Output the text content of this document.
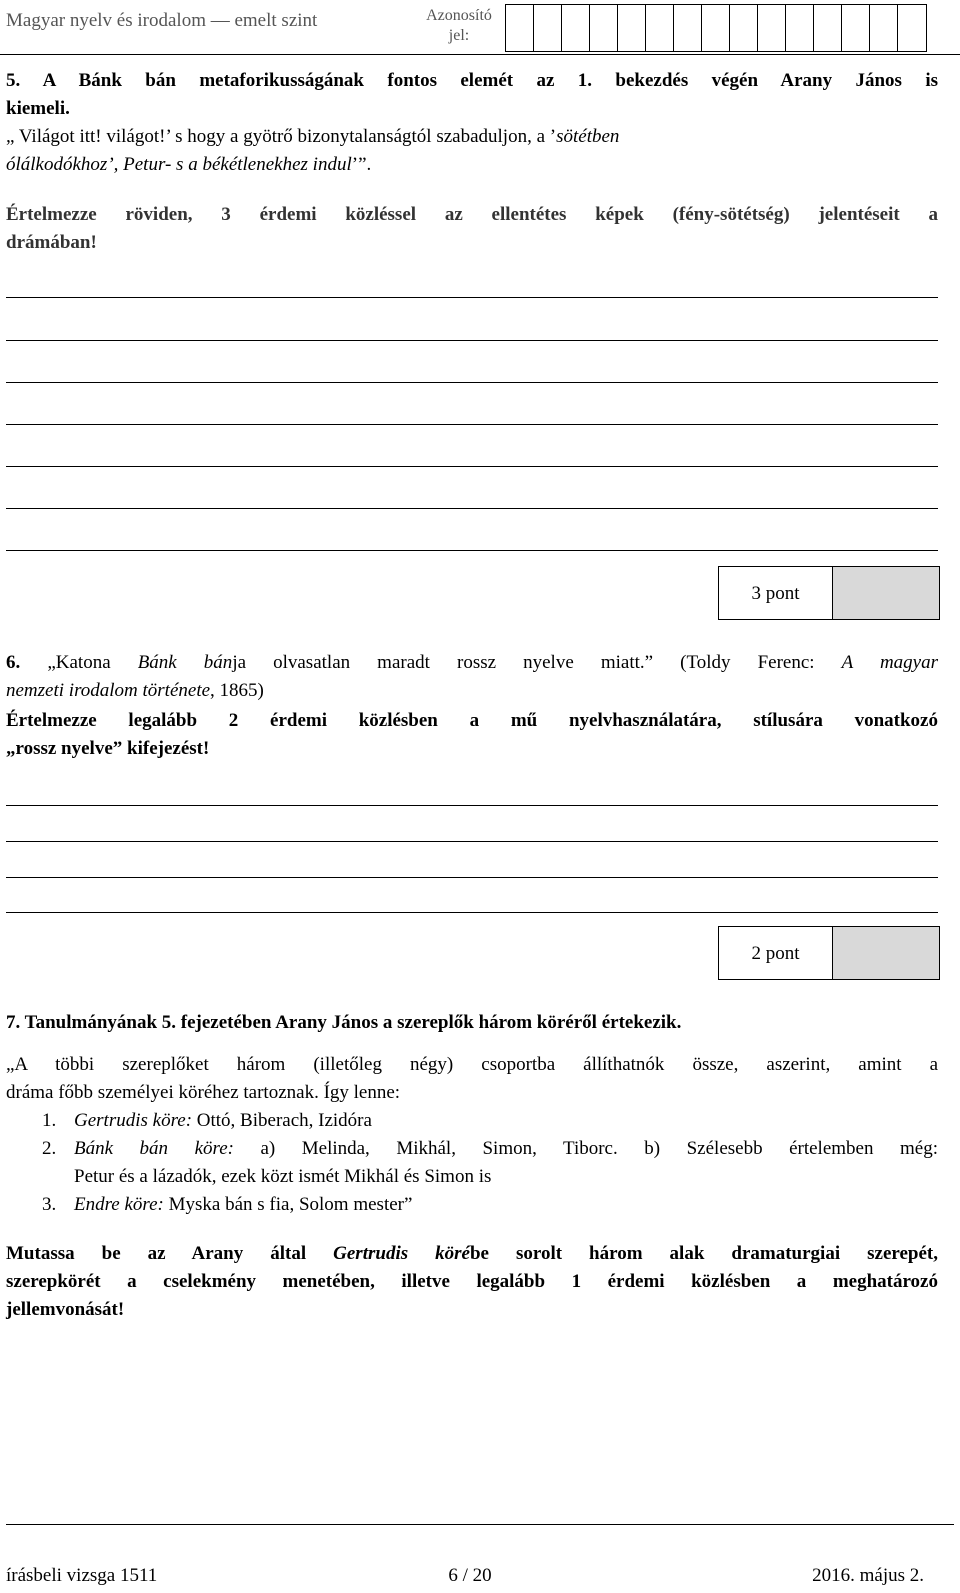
Magyar nyelv és irodalom — emelt szint	Azonosító jel:
5. A Bánk bán metaforikusságának fontos elemét az 1. bekezdés végén Arany János is
kiemeli.
„ Világot itt! világot!’ s hogy a gyötrő bizonytalanságtól szabaduljon, a ’sötétben
ólálkodókhoz’, Petur- s a békétlenekhez indul’”.
Értelmezze röviden, 3 érdemi közléssel az ellentétes képek (fény-sötétség) jelentéseit a
drámában!
3 pont
6. „Katona Bánk bánja olvasatlan maradt rossz nyelve miatt.” (Toldy Ferenc: A magyar
nemzeti irodalom története, 1865)
Értelmezze legalább 2 érdemi közlésben a mű nyelvhasználatára, stílusára vonatkozó
„rossz nyelve” kifejezést!
2 pont
7. Tanulmányának 5. fejezetében Arany János a szereplők három köréről értekezik.
„A többi szereplőket három (illetőleg négy) csoportba állíthatnók össze, aszerint, amint a
dráma főbb személyei köréhez tartoznak. Így lenne:
1. Gertrudis köre: Ottó, Biberach, Izidóra
2. Bánk bán köre: a) Melinda, Mikhál, Simon, Tiborc. b) Szélesebb értelemben még:
Petur és a lázadók, ezek közt ismét Mikhál és Simon is
3. Endre köre: Myska bán s fia, Solom mester”
Mutassa be az Arany által Gertrudis körébe sorolt három alak dramaturgiai szerepét,
szerepkörét a cselekmény menetében, illetve legalább 1 érdemi közlésben a meghatározó
jellemvonását!
írásbeli vizsga 1511	6 / 20	2016. május 2.
